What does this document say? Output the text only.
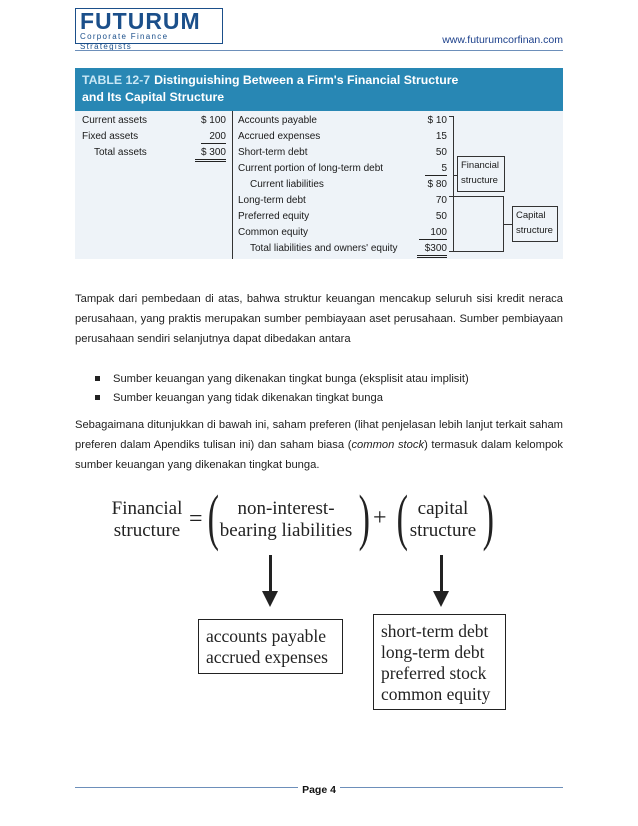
FUTURUM
Corporate Finance Strategists
www.futurumcorfinan.com
TABLE 12-7 Distinguishing Between a Firm's Financial Structure
and Its Capital Structure
Current assets	$ 100
Fixed assets	200
Total assets	$ 300
Accounts payable	$ 10
Accrued expenses	15
Short-term debt	50
Current portion of long-term debt	5
Current liabilities	$ 80
Long-term debt	70
Preferred equity	50
Common equity	100
Total liabilities and owners' equity	$300
Financial
structure
Capital
structure
Tampak dari pembedaan di atas, bahwa struktur keuangan mencakup seluruh sisi kredit neraca perusahaan, yang praktis merupakan sumber pembiayaan aset perusahaan. Sumber pembiayaan perusahaan sendiri selanjutnya dapat dibedakan antara
Sumber keuangan yang dikenakan tingkat bunga (eksplisit atau implisit)
Sumber keuangan yang tidak dikenakan tingkat bunga
Sebagaimana ditunjukkan di bawah ini, saham preferen (lihat penjelasan lebih lanjut terkait saham preferen dalam Apendiks tulisan ini) dan saham biasa (common stock) termasuk dalam kelompok sumber keuangan yang dikenakan tingkat bunga.
Financial
structure = ( non-interest-
bearing liabilities ) + ( capital
structure )
accounts payable
accrued expenses
short-term debt
long-term debt
preferred stock
common equity
Page 4
